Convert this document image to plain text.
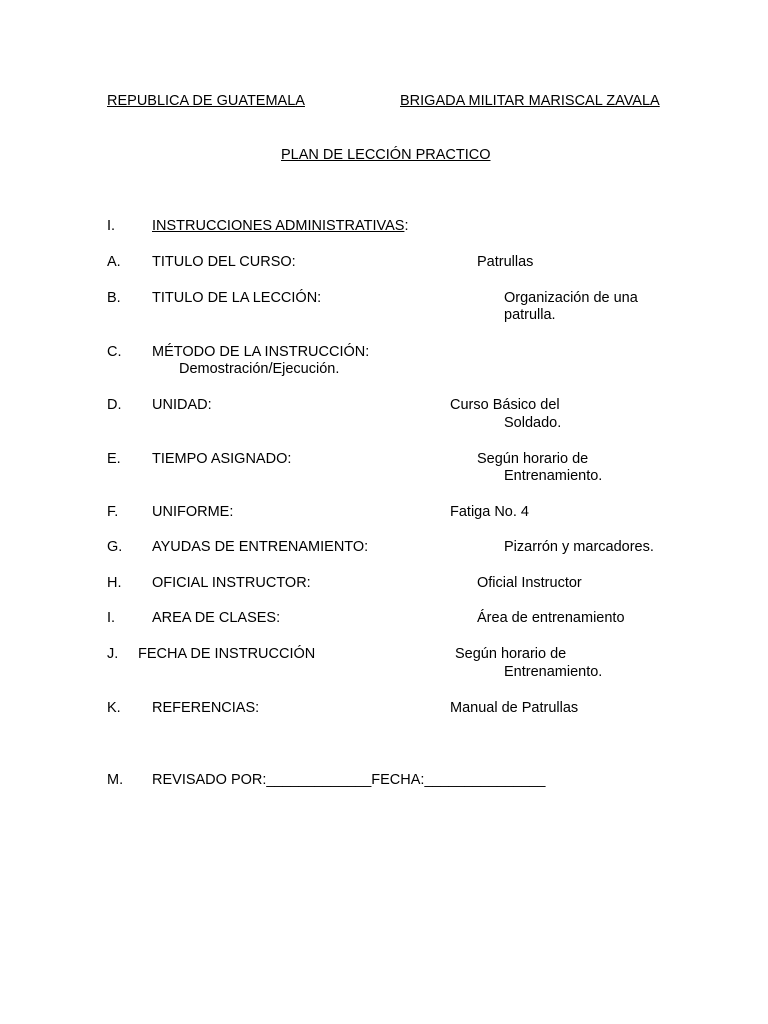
REPUBLICA DE GUATEMALA	BRIGADA MILITAR MARISCAL ZAVALA
PLAN DE LECCIÓN PRACTICO
I.	INSTRUCCIONES ADMINISTRATIVAS:
A. TITULO DEL CURSO:	Patrullas
B. TITULO DE LA LECCIÓN:	Organización de una
patrulla.
C. MÉTODO DE LA INSTRUCCIÓN:
Demostración/Ejecución.
D. UNIDAD:	Curso Básico del
Soldado.
E. TIEMPO ASIGNADO:	Según horario de
Entrenamiento.
F. UNIFORME:	Fatiga No. 4
G. AYUDAS DE ENTRENAMIENTO:	Pizarrón y marcadores.
H. OFICIAL INSTRUCTOR:	Oficial Instructor
I.	AREA DE CLASES:	Área de entrenamiento
J. FECHA DE INSTRUCCIÓN	Según horario de
Entrenamiento.
K. REFERENCIAS:	Manual de Patrullas
M. REVISADO POR:_____________FECHA:_______________
